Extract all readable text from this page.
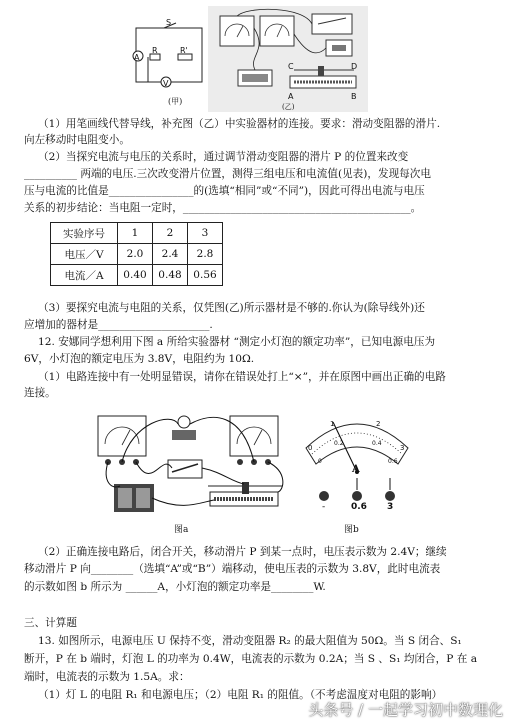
S
R	R'
A
V
(甲)
C
A	B
D
(乙)

（1）用笔画线代替导线，补充图（乙）中实验器材的连接。要求：滑动变阻器的滑片.

向左移动时电阻变小。

（2）当探究电流与电压的关系时，通过调节滑动变阻器的滑片 P 的位置来改变

__________ 两端的电压.三次改变滑片位置，测得三组电压和电流值(见表)，发现每次电

压与电流的比值是________________的(选填“相同”或“不同”)，因此可得出电流与电压

关系的初步结论：当电阻一定时，___________________________________________。

实验序号	1	2	3
电压／V	2.0	2.4	2.8
电流／A	0.40	0.48	0.56

（3）要探究电流与电阻的关系，仅凭图(乙)所示器材是不够的.你认为(除导线外)还

应增加的器材是_____________________.

12. 安娜同学想利用下图 a 所给实验器材 “测定小灯泡的额定功率”，已知电源电压为

6V，小灯泡的额定电压为 3.8V，电阻约为 10Ω.

（1）电路连接中有一处明显错误，请你在错误处打上“×”，并在原图中画出正确的电路

连接。

图a
0
1	2
3
0
0.2	0.4
0.6
A
-	0.6 3
图b

（2）正确连接电路后，闭合开关，移动滑片 P 到某一点时，电压表示数为 2.4V；继续

移动滑片 P 向________（选填“A”或“B”）端移动，使电压表的示数为 3.8V，此时电流表

的示数如图 b 所示为 ______A，小灯泡的额定功率是________W.

三、计算题

13. 如图所示，电源电压 U 保持不变，滑动变阻器 R₂ 的最大阻值为 50Ω。当 S 闭合、S₁

断开，P 在 b 端时，灯泡 L 的功率为 0.4W，电流表的示数为 0.2A；当 S 、S₁ 均闭合，P 在 a

端时，电流表的示数为 1.5A。求：

（1）灯 L 的电阻 R₁ 和电源电压；（2）电阻 R₁ 的阻值。（不考虑温度对电阻的影响）

头条号 / 一起学习初中数理化
